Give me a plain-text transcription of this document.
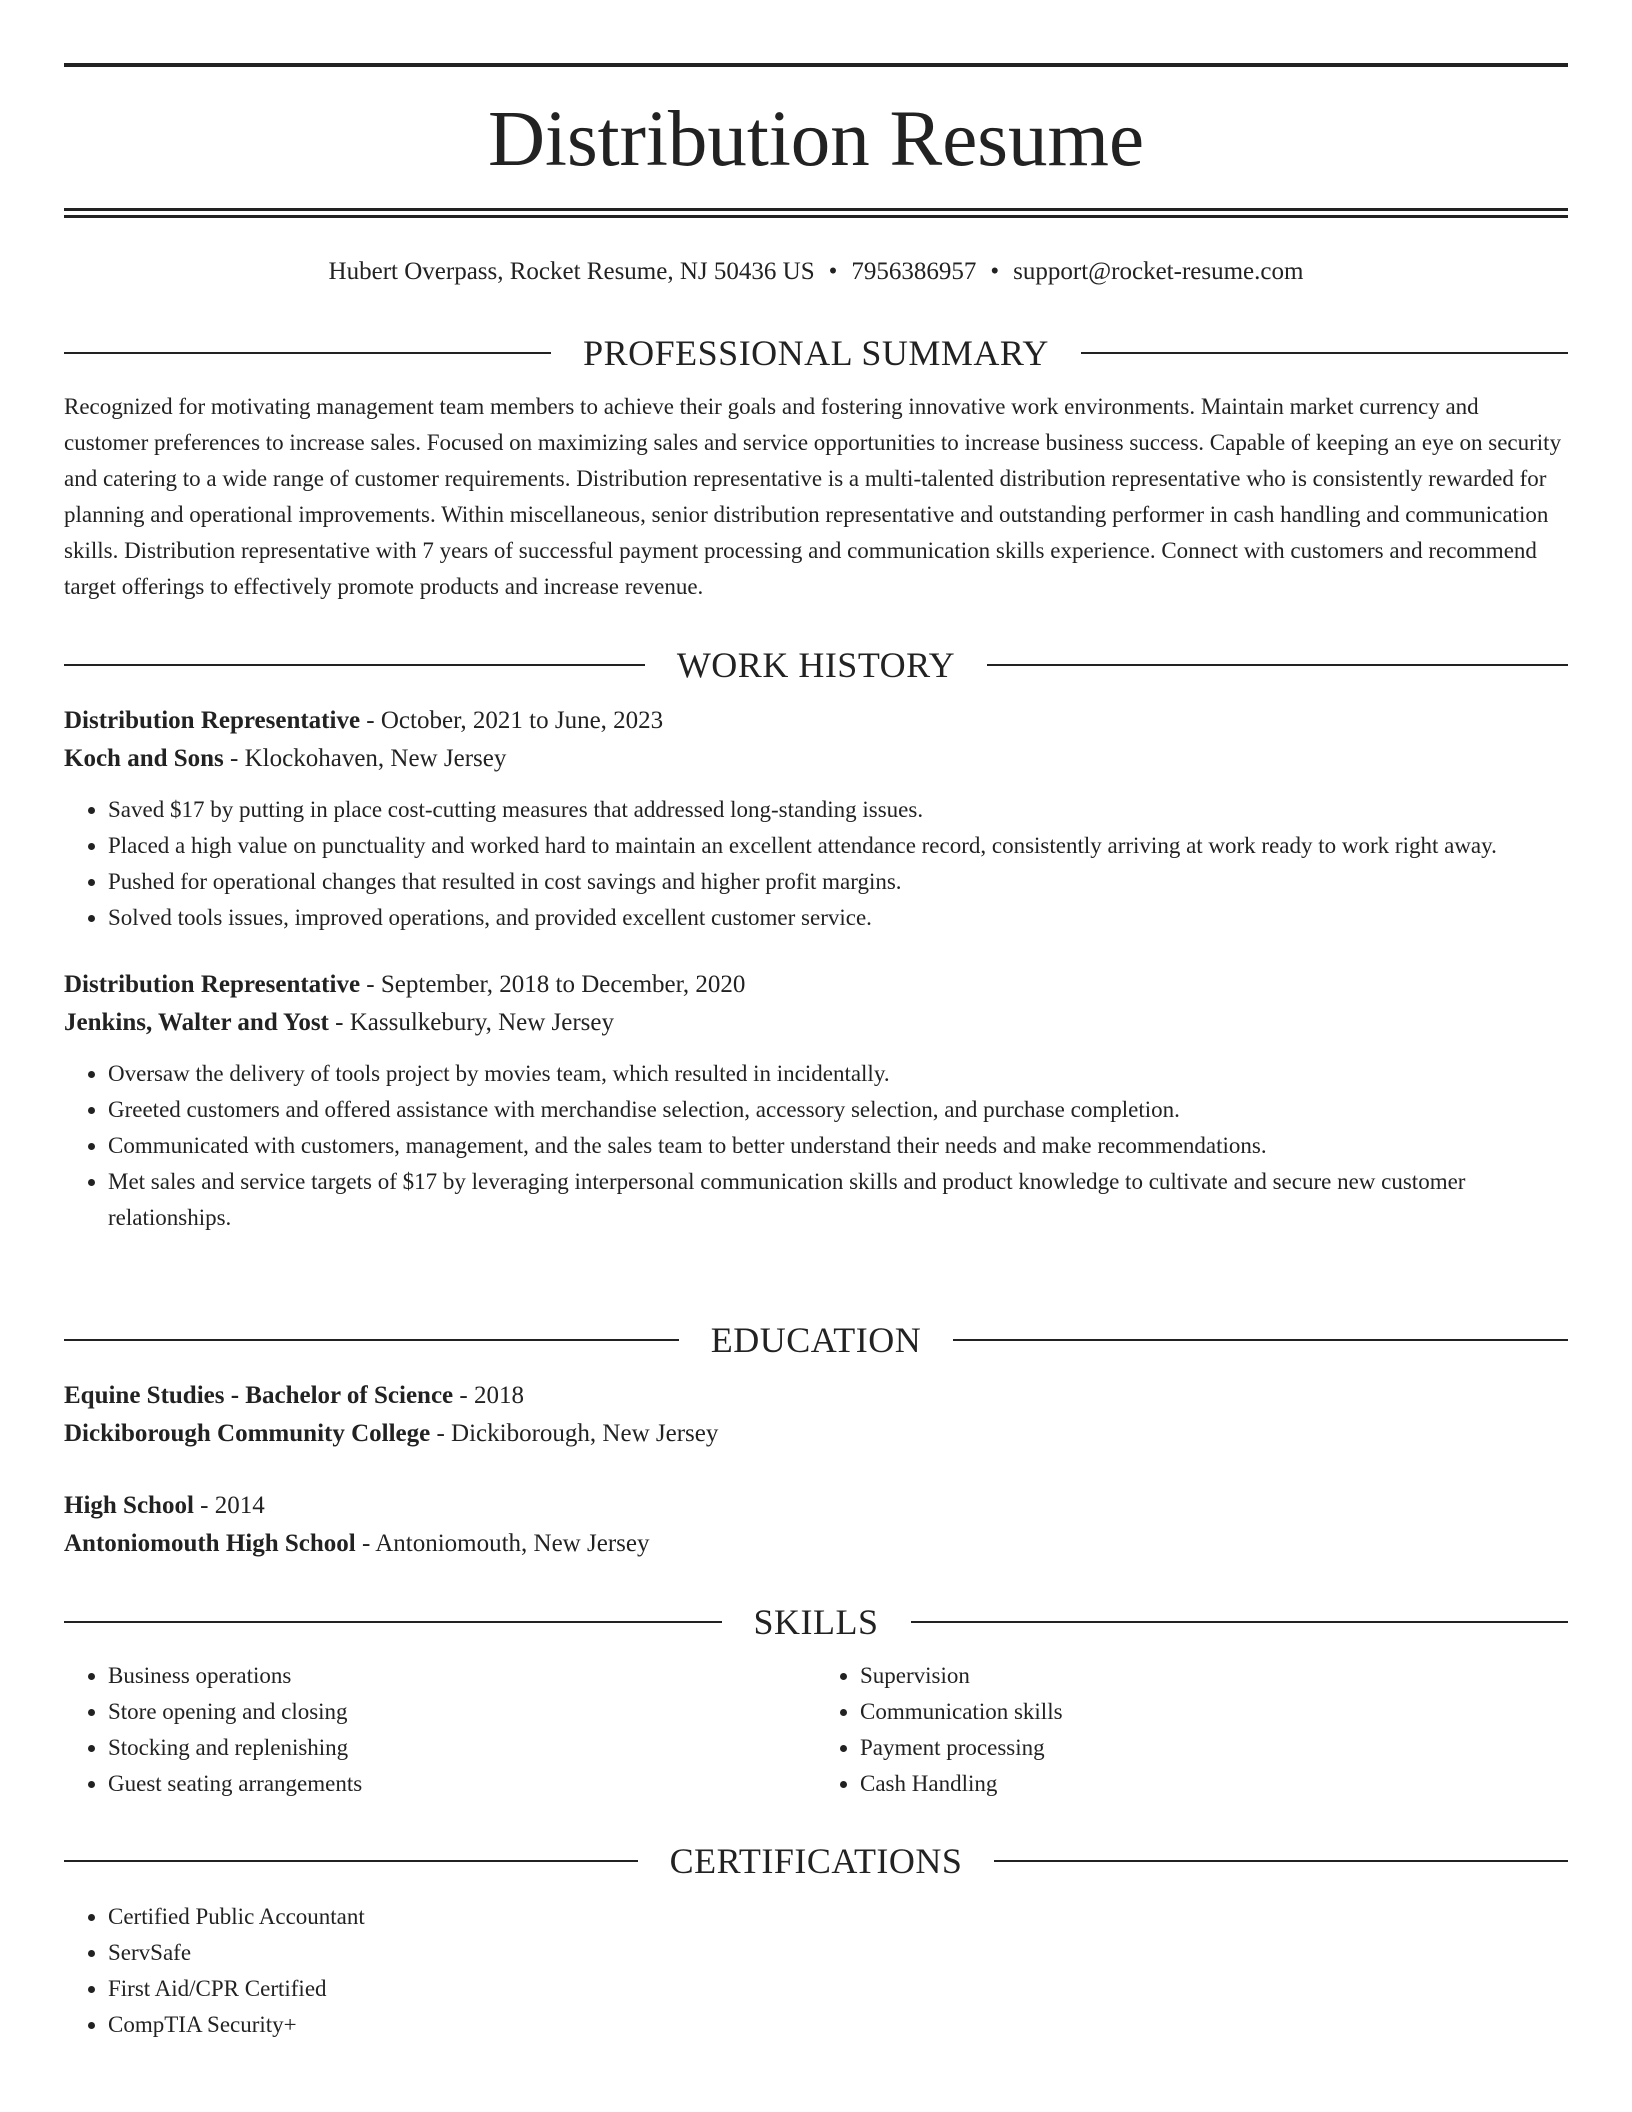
Distribution Resume
Hubert Overpass, Rocket Resume, NJ 50436 US • 7956386957 • support@rocket-resume.com
PROFESSIONAL SUMMARY

Recognized for motivating management team members to achieve their goals and fostering innovative work environments. Maintain market currency and customer preferences to increase sales. Focused on maximizing sales and service opportunities to increase business success. Capable of keeping an eye on security and catering to a wide range of customer requirements. Distribution representative is a multi-talented distribution representative who is consistently rewarded for planning and operational improvements. Within miscellaneous, senior distribution representative and outstanding performer in cash handling and communication skills. Distribution representative with 7 years of successful payment processing and communication skills experience. Connect with customers and recommend target offerings to effectively promote products and increase revenue.

WORK HISTORY

Distribution Representative - October, 2021 to June, 2023

Koch and Sons - Klockohaven, New Jersey

• Saved $17 by putting in place cost-cutting measures that addressed long-standing issues.
• Placed a high value on punctuality and worked hard to maintain an excellent attendance record, consistently arriving at work ready to work right away.
• Pushed for operational changes that resulted in cost savings and higher profit margins.
• Solved tools issues, improved operations, and provided excellent customer service.

Distribution Representative - September, 2018 to December, 2020

Jenkins, Walter and Yost - Kassulkebury, New Jersey

• Oversaw the delivery of tools project by movies team, which resulted in incidentally.
• Greeted customers and offered assistance with merchandise selection, accessory selection, and purchase completion.
• Communicated with customers, management, and the sales team to better understand their needs and make recommendations.
• Met sales and service targets of $17 by leveraging interpersonal communication skills and product knowledge to cultivate and secure new customer relationships.
EDUCATION

Equine Studies - Bachelor of Science - 2018

Dickiborough Community College - Dickiborough, New Jersey

High School - 2014

Antoniomouth High School - Antoniomouth, New Jersey

SKILLS
• Business operations
• Store opening and closing
• Stocking and replenishing
• Guest seating arrangements
• Supervision
• Communication skills
• Payment processing
• Cash Handling
CERTIFICATIONS
• Certified Public Accountant
• ServSafe
• First Aid/CPR Certified
• CompTIA Security+
